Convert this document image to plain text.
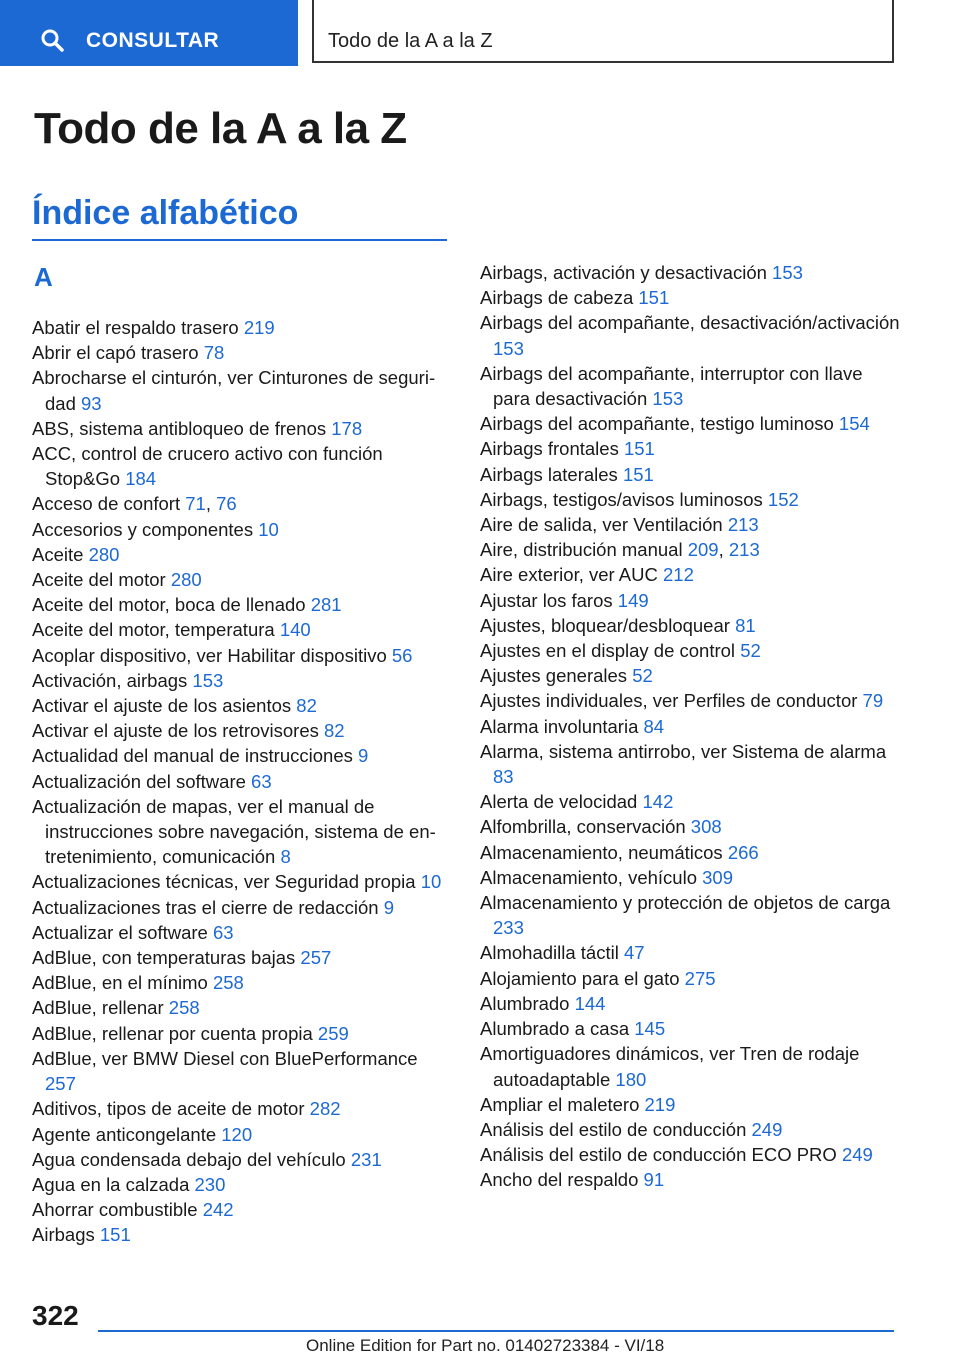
CONSULTAR	Todo de la A a la Z
Todo de la A a la Z
Índice alfabético
A
Abatir el respaldo trasero 219
Abrir el capó trasero 78
Abrocharse el cinturón, ver Cinturones de seguridad 93
ABS, sistema antibloqueo de frenos 178
ACC, control de crucero activo con función Stop&Go 184
Acceso de confort 71, 76
Accesorios y componentes 10
Aceite 280
Aceite del motor 280
Aceite del motor, boca de llenado 281
Aceite del motor, temperatura 140
Acoplar dispositivo, ver Habilitar dispositivo 56
Activación, airbags 153
Activar el ajuste de los asientos 82
Activar el ajuste de los retrovisores 82
Actualidad del manual de instrucciones 9
Actualización del software 63
Actualización de mapas, ver el manual de instrucciones sobre navegación, sistema de entretenimiento, comunicación 8
Actualizaciones técnicas, ver Seguridad propia 10
Actualizaciones tras el cierre de redacción 9
Actualizar el software 63
AdBlue, con temperaturas bajas 257
AdBlue, en el mínimo 258
AdBlue, rellenar 258
AdBlue, rellenar por cuenta propia 259
AdBlue, ver BMW Diesel con BluePerformance 257
Aditivos, tipos de aceite de motor 282
Agente anticongelante 120
Agua condensada debajo del vehículo 231
Agua en la calzada 230
Ahorrar combustible 242
Airbags 151
Airbags, activación y desactivación 153
Airbags de cabeza 151
Airbags del acompañante, desactivación/activación 153
Airbags del acompañante, interruptor con llave para desactivación 153
Airbags del acompañante, testigo luminoso 154
Airbags frontales 151
Airbags laterales 151
Airbags, testigos/avisos luminosos 152
Aire de salida, ver Ventilación 213
Aire, distribución manual 209, 213
Aire exterior, ver AUC 212
Ajustar los faros 149
Ajustes, bloquear/desbloquear 81
Ajustes en el display de control 52
Ajustes generales 52
Ajustes individuales, ver Perfiles de conductor 79
Alarma involuntaria 84
Alarma, sistema antirrobo, ver Sistema de alarma 83
Alerta de velocidad 142
Alfombrilla, conservación 308
Almacenamiento, neumáticos 266
Almacenamiento, vehículo 309
Almacenamiento y protección de objetos de carga 233
Almohadilla táctil 47
Alojamiento para el gato 275
Alumbrado 144
Alumbrado a casa 145
Amortiguadores dinámicos, ver Tren de rodaje autoadaptable 180
Ampliar el maletero 219
Análisis del estilo de conducción 249
Análisis del estilo de conducción ECO PRO 249
Ancho del respaldo 91
322
Online Edition for Part no. 01402723384 - VI/18
